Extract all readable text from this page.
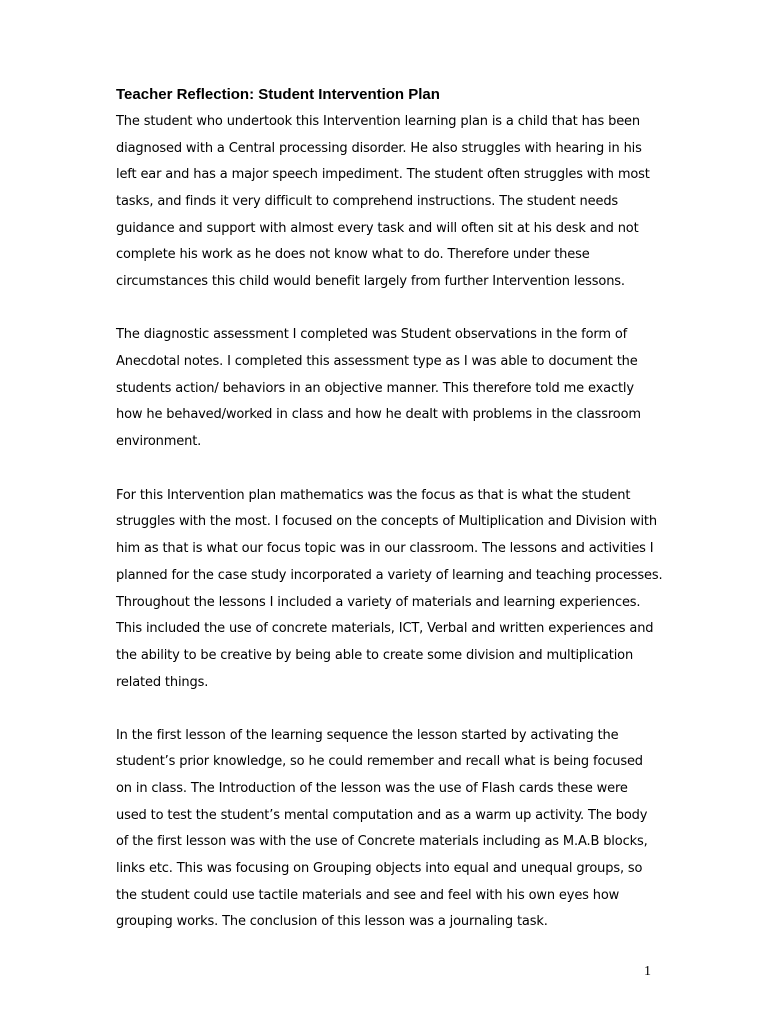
Teacher Reflection: Student Intervention Plan
The student who undertook this Intervention learning plan is a child that has been
diagnosed with a Central processing disorder. He also struggles with hearing in his
left ear and has a major speech impediment. The student often struggles with most
tasks, and finds it very difficult to comprehend instructions. The student needs
guidance and support with almost every task and will often sit at his desk and not
complete his work as he does not know what to do. Therefore under these
circumstances this child would benefit largely from further Intervention lessons.
The diagnostic assessment I completed was Student observations in the form of
Anecdotal notes. I completed this assessment type as I was able to document the
students action/ behaviors in an objective manner. This therefore told me exactly
how he behaved/worked in class and how he dealt with problems in the classroom
environment.
For this Intervention plan mathematics was the focus as that is what the student
struggles with the most. I focused on the concepts of Multiplication and Division with
him as that is what our focus topic was in our classroom. The lessons and activities I
planned for the case study incorporated a variety of learning and teaching processes.
Throughout the lessons I included a variety of materials and learning experiences.
This included the use of concrete materials, ICT, Verbal and written experiences and
the ability to be creative by being able to create some division and multiplication
related things.
In the first lesson of the learning sequence the lesson started by activating the
student’s prior knowledge, so he could remember and recall what is being focused
on in class. The Introduction of the lesson was the use of Flash cards these were
used to test the student’s mental computation and as a warm up activity. The body
of the first lesson was with the use of Concrete materials including as M.A.B blocks,
links etc. This was focusing on Grouping objects into equal and unequal groups, so
the student could use tactile materials and see and feel with his own eyes how
grouping works. The conclusion of this lesson was a journaling task.
1
